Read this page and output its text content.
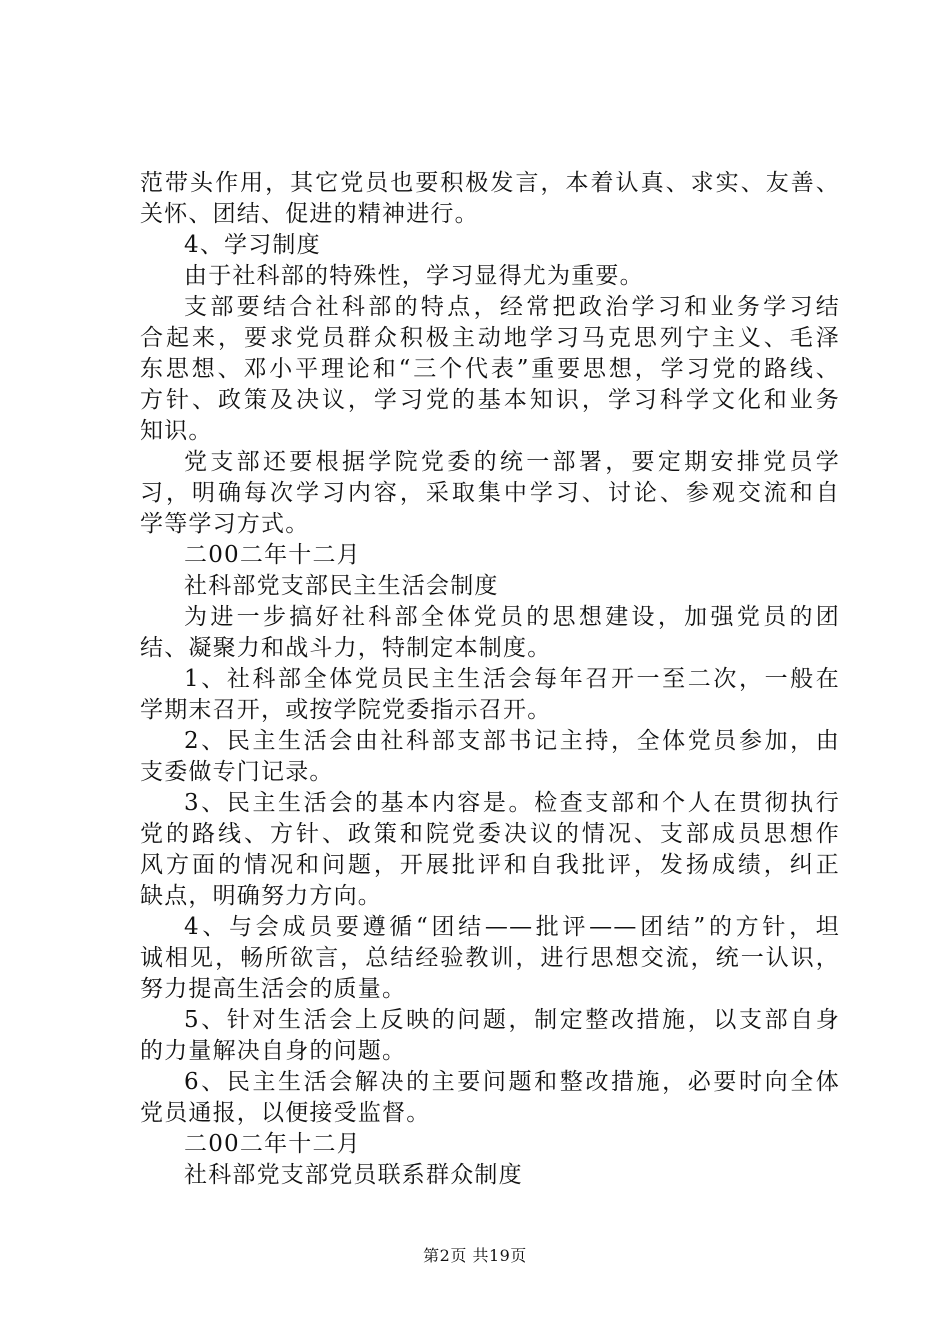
范带头作用，其它党员也要积极发言，本着认真、求实、友善、
关怀、团结、促进的精神进行。
4、学习制度
由于社科部的特殊性，学习显得尤为重要。
支部要结合社科部的特点，经常把政治学习和业务学习结
合起来，要求党员群众积极主动地学习马克思列宁主义、毛泽
东思想、邓小平理论和“三个代表”重要思想，学习党的路线、
方针、政策及决议，学习党的基本知识，学习科学文化和业务
知识。
党支部还要根据学院党委的统一部署，要定期安排党员学
习，明确每次学习内容，采取集中学习、讨论、参观交流和自
学等学习方式。
二00二年十二月
社科部党支部民主生活会制度
为进一步搞好社科部全体党员的思想建设，加强党员的团
结、凝聚力和战斗力，特制定本制度。
1、社科部全体党员民主生活会每年召开一至二次，一般在
学期末召开，或按学院党委指示召开。
2、民主生活会由社科部支部书记主持，全体党员参加，由
支委做专门记录。
3、民主生活会的基本内容是。检查支部和个人在贯彻执行
党的路线、方针、政策和院党委决议的情况、支部成员思想作
风方面的情况和问题，开展批评和自我批评，发扬成绩，纠正
缺点，明确努力方向。
4、与会成员要遵循“团结——批评——团结”的方针，坦
诚相见，畅所欲言，总结经验教训，进行思想交流，统一认识，
努力提高生活会的质量。
5、针对生活会上反映的问题，制定整改措施，以支部自身
的力量解决自身的问题。
6、民主生活会解决的主要问题和整改措施，必要时向全体
党员通报，以便接受监督。
二00二年十二月
社科部党支部党员联系群众制度
第2页 共19页
